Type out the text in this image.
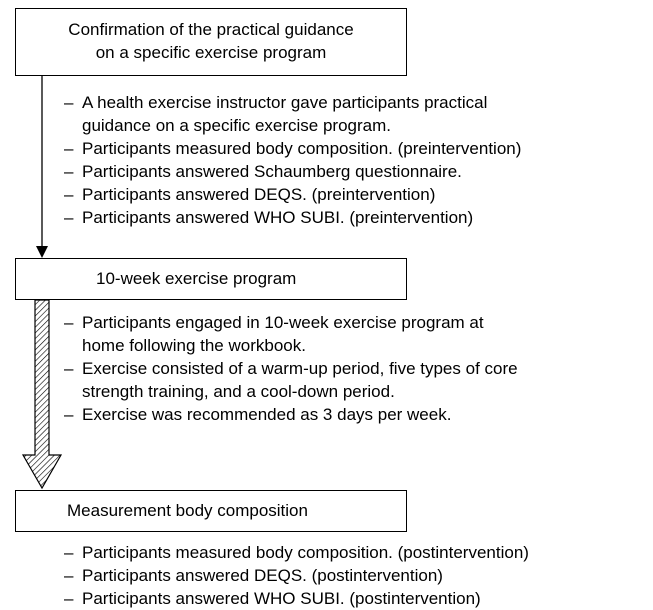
Confirmation of the practical guidance
on a specific exercise program
– A health exercise instructor gave participants practical
guidance on a specific exercise program.
– Participants measured body composition. (preintervention)
– Participants answered Schaumberg questionnaire.
– Participants answered DEQS. (preintervention)
– Participants answered WHO SUBI. (preintervention)
10-week exercise program
– Participants engaged in 10-week exercise program at
home following the workbook.
– Exercise consisted of a warm-up period, five types of core
strength training, and a cool-down period.
– Exercise was recommended as 3 days per week.
Measurement body composition
– Participants measured body composition. (postintervention)
– Participants answered DEQS. (postintervention)
– Participants answered WHO SUBI. (postintervention)
